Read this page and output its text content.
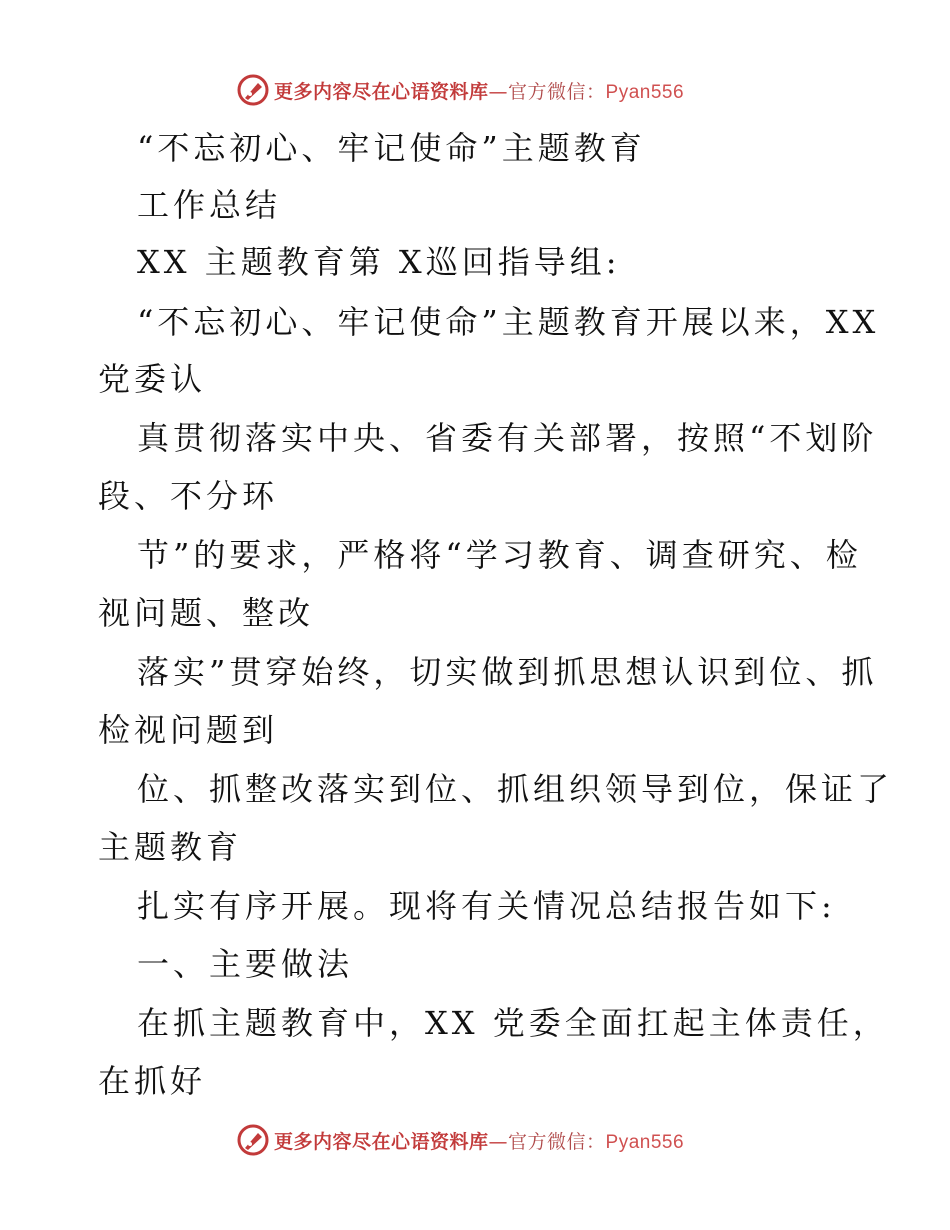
更多内容尽在心语资料库—官方微信：Pyan556
“不忘初心、牢记使命”主题教育
工作总结
XX 主题教育第 X巡回指导组:
“不忘初心、牢记使命”主题教育开展以来，XX
党委认
真贯彻落实中央、省委有关部署，按照“不划阶
段、不分环
节”的要求，严格将“学习教育、调查研究、检
视问题、整改
落实”贯穿始终，切实做到抓思想认识到位、抓
检视问题到
位、抓整改落实到位、抓组织领导到位，保证了
主题教育
扎实有序开展。现将有关情况总结报告如下:
一、主要做法
在抓主题教育中，XX 党委全面扛起主体责任，
在抓好
更多内容尽在心语资料库—官方微信：Pyan556
